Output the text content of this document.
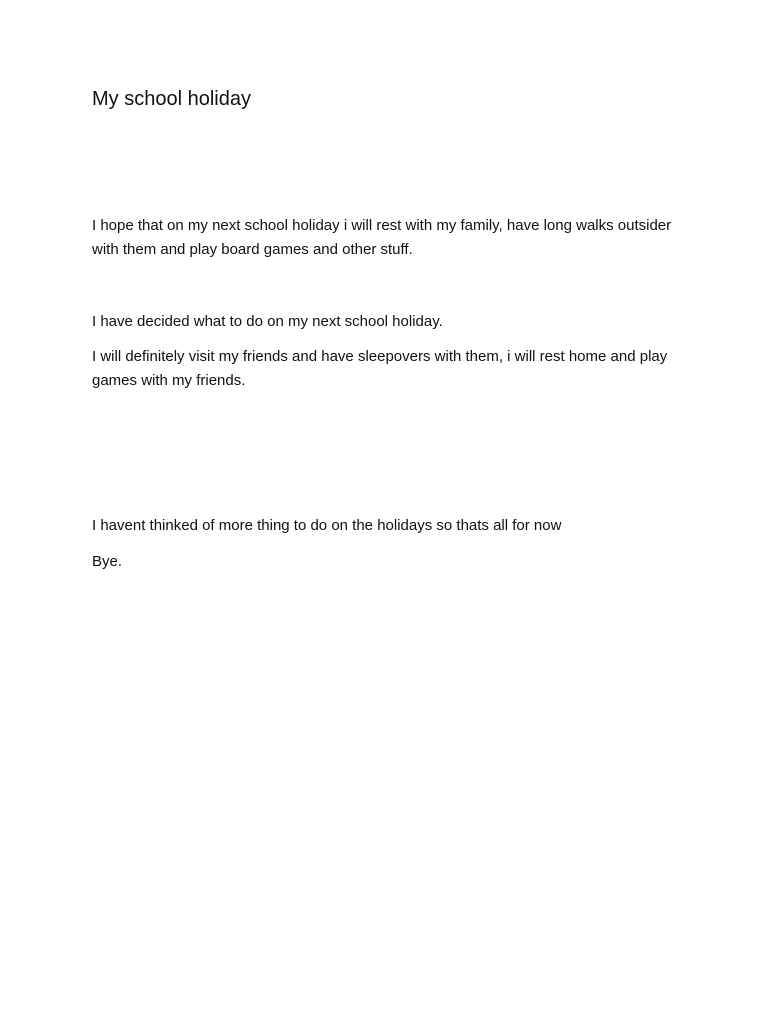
My school holiday

I hope that on my next school holiday i will rest with my family, have long walks outsider with them and play board games and other stuff.

I have decided what to do on my next school holiday.

I will definitely visit my friends and have sleepovers with them, i will rest home and play games with my friends.

I havent thinked of more thing to do on the holidays so thats all for now

Bye.
